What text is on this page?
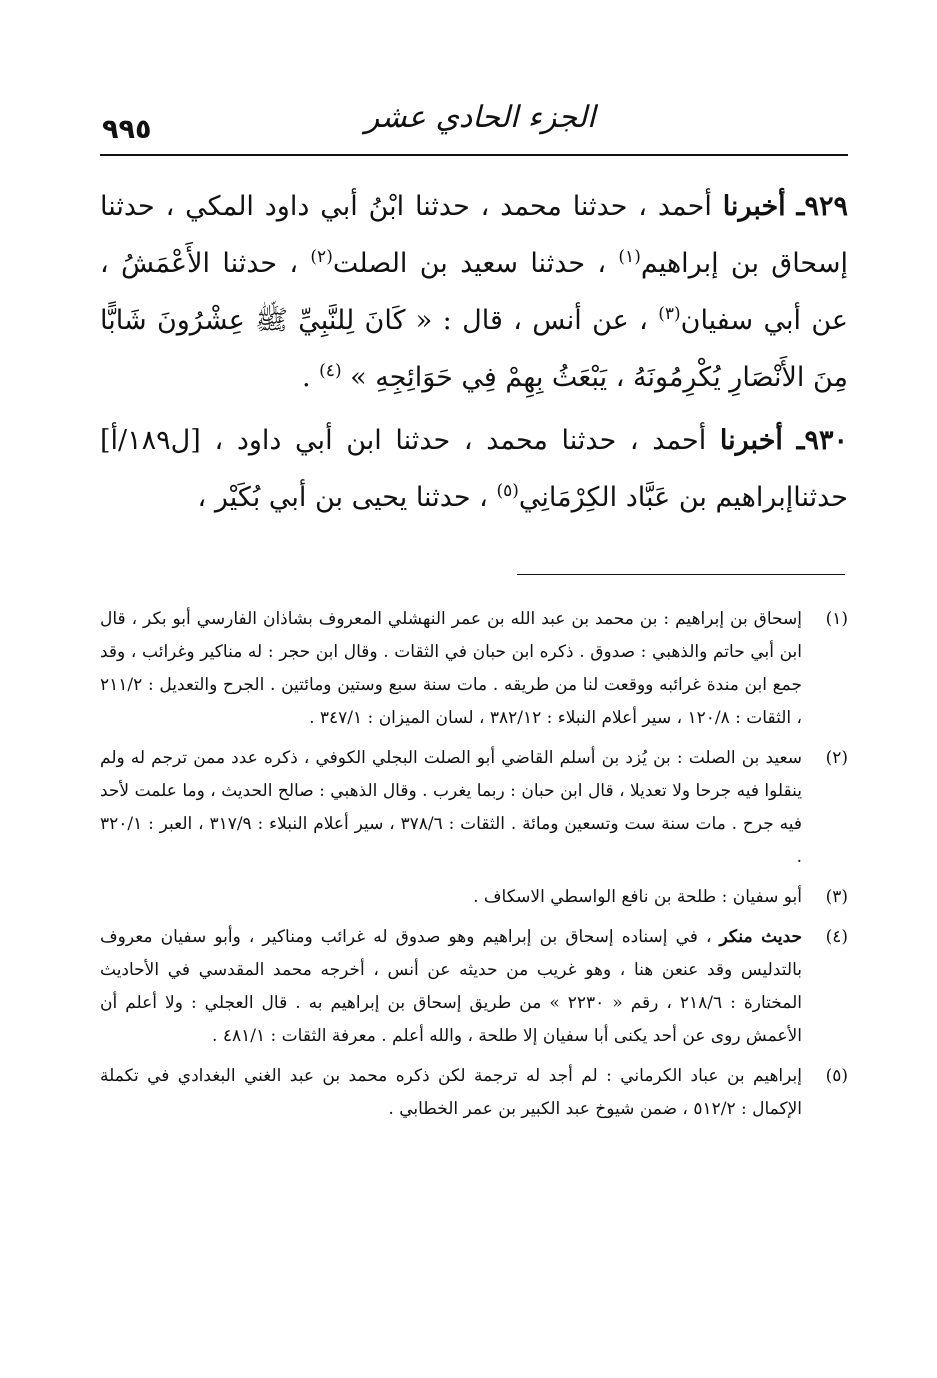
٩٩٥	الجزء الحادي عشر

٩٢٩ـ أخبرنا أحمد ، حدثنا محمد ، حدثنا ابْنُ أبي داود المكي ، حدثنا إسحاق بن إبراهيم$^{(١)}$ ، حدثنا سعيد بن الصلت$^{(٢)}$ ، حدثنا الأَعْمَشُ ، عن أبي سفيان$^{(٣)}$ ، عن أنس ، قال : « كَانَ لِلنَّبِيِّ ﷺ عِشْرُونَ شَابًّا مِنَ الأَنْصَارِ يُكْرِمُونَهُ ، يَبْعَثُ بِهِمْ فِي حَوَائِجِهِ » $^{(٤)}$ .

٩٣٠ـ أخبرنا أحمد ، حدثنا محمد ، حدثنا ابن أبي داود ، [ل١٨٩/أ] حدثناإبراهيم بن عَبَّاد الكِرْمَانِي$^{(٥)}$ ، حدثنا يحيى بن أبي بُكَيْر ،

(١)
إسحاق بن إبراهيم : بن محمد بن عبد الله بن عمر النهشلي المعروف بشاذان الفارسي أبو بكر ، قال ابن أبي حاتم والذهبي : صدوق . ذكره ابن حبان في الثقات . وقال ابن حجر : له مناكير وغرائب ، وقد جمع ابن مندة غرائبه ووقعت لنا من طريقه . مات سنة سبع وستين ومائتين . الجرح والتعديل : ٢١١/٢ ، الثقات : ١٢٠/٨ ، سير أعلام النبلاء : ٣٨٢/١٢ ، لسان الميزان : ٣٤٧/١ .
(٢)
سعيد بن الصلت : بن يُزد بن أسلم القاضي أبو الصلت البجلي الكوفي ، ذكره عدد ممن ترجم له ولم ينقلوا فيه جرحا ولا تعديلا ، قال ابن حبان : ربما يغرب . وقال الذهبي : صالح الحديث ، وما علمت لأحد فيه جرح . مات سنة ست وتسعين ومائة . الثقات : ٣٧٨/٦ ، سير أعلام النبلاء : ٣١٧/٩ ، العبر : ٣٢٠/١ .
(٣)
أبو سفيان : طلحة بن نافع الواسطي الاسكاف .
(٤)
حديث منكر ، في إسناده إسحاق بن إبراهيم وهو صدوق له غرائب ومناكير ، وأبو سفيان معروف بالتدليس وقد عنعن هنا ، وهو غريب من حديثه عن أنس ، أخرجه محمد المقدسي في الأحاديث المختارة : ٢١٨/٦ ، رقم « ٢٢٣٠ » من طريق إسحاق بن إبراهيم به . قال العجلي : ولا أعلم أن الأعمش روى عن أحد يكنى أبا سفيان إلا طلحة ، والله أعلم . معرفة الثقات : ٤٨١/١ .
(٥)
إبراهيم بن عباد الكرماني : لم أجد له ترجمة لكن ذكره محمد بن عبد الغني البغدادي في تكملة الإكمال : ٥١٢/٢ ، ضمن شيوخ عبد الكبير بن عمر الخطابي .
